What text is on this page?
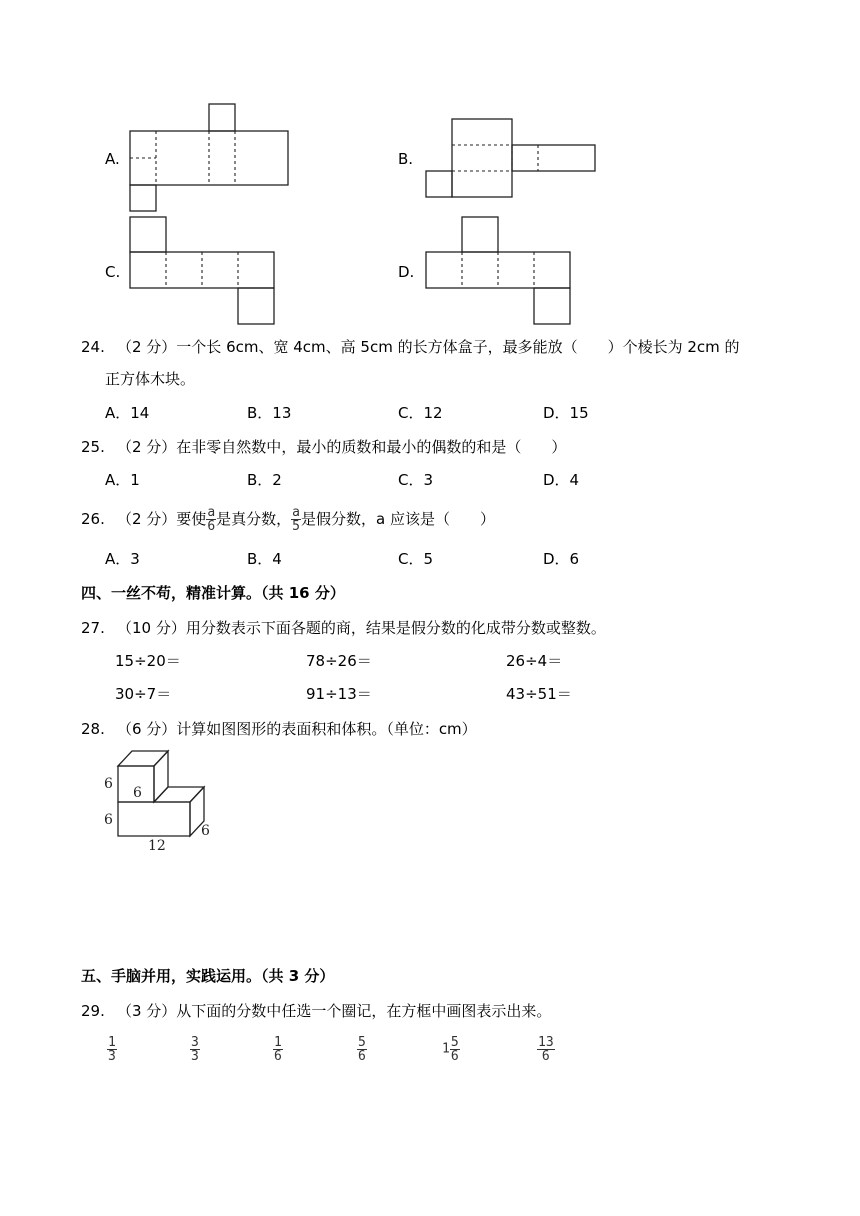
A.	B.
C.	D.
24. （2 分）一个长 6cm、宽 4cm、高 5cm 的长方体盒子，最多能放（　　）个棱长为 2cm 的
正方体木块。
A．14	B．13	C．12	D．15
25. （2 分）在非零自然数中，最小的质数和最小的偶数的和是（　　）
A．1	B．2	C．3	D．4
26. （2 分）要使 $\frac{a}{6}$ 是真分数， $\frac{a}{5}$ 是假分数，a 应该是（　　）
A．3	B．4	C．5	D．6
四、一丝不苟，精准计算。（共 16 分）
27. （10 分）用分数表示下面各题的商，结果是假分数的化成带分数或整数。
15÷20＝	78÷26＝	26÷4＝
30÷7＝	91÷13＝	43÷51＝
28. （6 分）计算如图图形的表面积和体积。（单位：cm）
6
6
6
6
12
五、手脑并用，实践运用。（共 3 分）
29. （3 分）从下面的分数中任选一个圈记，在方框中画图表示出来。
$\frac{1}{3}$	$\frac{3}{3}$	$\frac{1}{6}$	$\frac{5}{6}$	$1 \frac{5}{6}$	$\frac{13}{6}$
